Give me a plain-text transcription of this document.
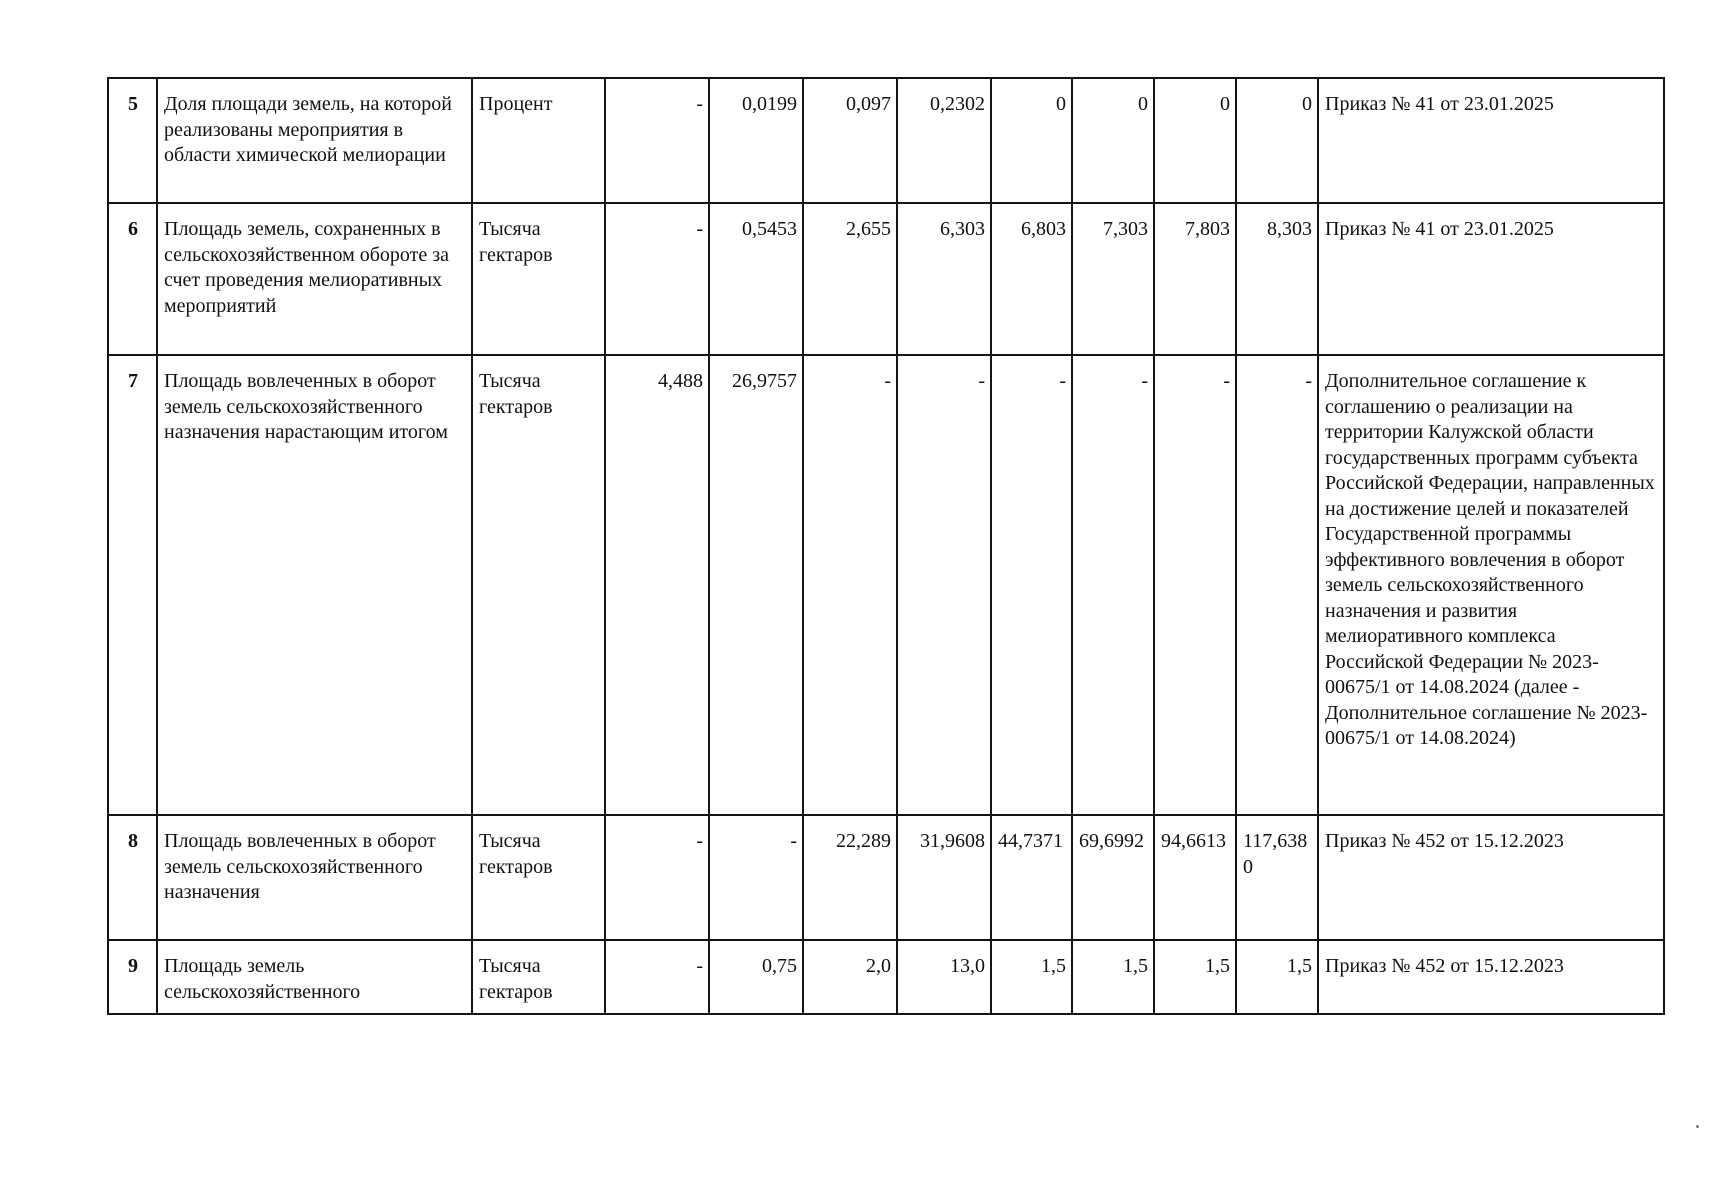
5	Доля площади земель, на которой реализованы мероприятия в области химической мелиорации	Процент	-	0,0199	0,097	0,2302	0	0	0	0	Приказ № 41 от 23.01.2025
6	Площадь земель, сохраненных в сельскохозяйственном обороте за счет проведения мелиоративных мероприятий	Тысяча гектаров	-	0,5453	2,655	6,303	6,803	7,303	7,803	8,303	Приказ № 41 от 23.01.2025
7	Площадь вовлеченных в оборот земель сельскохозяйственного назначения нарастающим итогом	Тысяча гектаров	4,488	26,9757	-	-	-	-	-	-	Дополнительное соглашение к соглашению о реализации на территории Калужской области государственных программ субъекта Российской Федерации, направленных на достижение целей и показателей Государственной программы эффективного вовлечения в оборот земель сельскохозяйственного назначения и развития мелиоративного комплекса Российской Федерации № 2023-00675/1 от 14.08.2024 (далее - Дополнительное соглашение № 2023-00675/1 от 14.08.2024)
8	Площадь вовлеченных в оборот земель сельскохозяйственного назначения	Тысяча гектаров	-	-	22,289	31,9608	44,7371	69,6992	94,6613	117,6380	Приказ № 452 от 15.12.2023
9	Площадь земель сельскохозяйственного	Тысяча гектаров	-	0,75	2,0	13,0	1,5	1,5	1,5	1,5	Приказ № 452 от 15.12.2023
